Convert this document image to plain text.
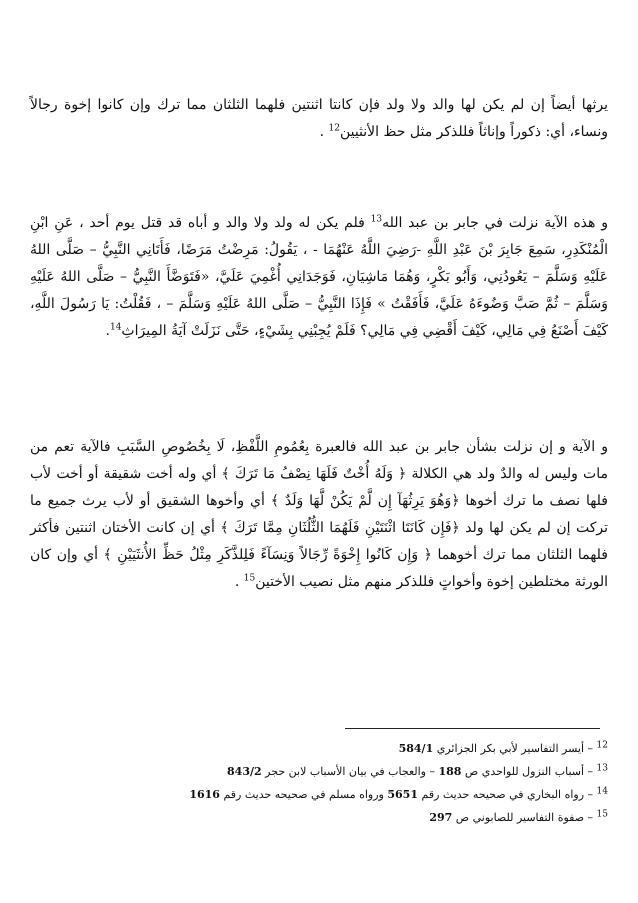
يرثها أيضاً إن لم يكن لها والد ولا ولد فإن كانتا اثنتين فلهما الثلثان مما ترك وإن كانوا إخوة رجالاً ونساء، أي: ذكوراً وإناثاً فللذكر مثل حظ الأنثيين$^{12}$ .

و هذه الآية نزلت في جابر بن عبد الله$^{13}$ فلم يكن له ولد ولا والد و أباه قد قتل يوم أحد ، عَنِ ابْنِ الْمُنْكَدِرِ، سَمِعَ جَابِرَ بْنَ عَبْدِ اللَّهِ -رَضِيَ اللَّهُ عَنْهُمَا - ، يَقُولُ: مَرِضْتُ مَرَضًا، فَأَتَانِي النَّبِيُّ – صَلَّى اللهُ عَلَيْهِ وَسَلَّمَ – يَعُودُنِي، وَأَبُو بَكْرٍ، وَهُمَا مَاشِيَانِ، فَوَجَدَانِي أُغْمِيَ عَلَيَّ، «فَتَوَضَّأَ النَّبِيُّ – صَلَّى اللهُ عَلَيْهِ وَسَلَّمَ – ثُمَّ صَبَّ وَضُوءَهُ عَلَيَّ، فَأَفَقْتُ » فَإِذَا النَّبِيُّ – صَلَّى اللهُ عَلَيْهِ وَسَلَّمَ – ، فَقُلْتُ: يَا رَسُولَ اللَّهِ، كَيْفَ أَصْنَعُ فِي مَالِي، كَيْفَ أَقْضِي فِي مَالِي؟ فَلَمْ يُجِبْنِي بِشَيْءٍ، حَتَّى نَزَلَتْ آيَةُ المِيرَاثِ$^{14}$.

و الآية و إن نزلت بشأن جابر بن عبد الله فالعبرة بِعُمُومِ اللَّفْظِ، لَا بِخُصُوصِ السَّبَبِ فالآية تعم من مات وليس له والدٌ ولد هي الكلالة ﴿ وَلَهُ أُخْتٌ فَلَهَا نِصْفُ مَا تَرَكَ ﴾ أي وله أخت شقيقة أو أخت لأب فلها نصف ما ترك أخوها ﴿وَهُوَ يَرِثُهَآ إِن لَّمْ يَكُنْ لَّهَا وَلَدٌ ﴾ أي وأخوها الشقيق أو لأب يرث جميع ما تركت إن لم يكن لها ولد ﴿فَإِن كَانَتَا اثْنَتَيْنِ فَلَهُمَا الثُّلُثَانِ مِمَّا تَرَكَ ﴾ أي إن كانت الأختان اثنتين فأكثر فلهما الثلثان مما ترك أخوهما ﴿ وَإِن كَانُوا إِخْوَةً رِّجَالاً وَنِسَآءً فَلِلذَّكَرِ مِثْلُ حَظِّ الأُنثَيَيْنِ ﴾ أي وإن كان الورثة مختلطين إخوة وأخواتٍ فللذكر منهم مثل نصيب الأختين$^{15}$ .

$^{12}$ – أيسر التفاسير لأبي بكر الجزائري 584/1
$^{13}$ – أسباب النزول للواحدي ص 188 – والعجاب في بيان الأسباب لابن حجر 843/2
$^{14}$ – رواه البخاري في صحيحه حديث رقم 5651 ورواه مسلم في صحيحه حديث رقم 1616
$^{15}$ – صفوة التفاسير للصابوني ص 297
